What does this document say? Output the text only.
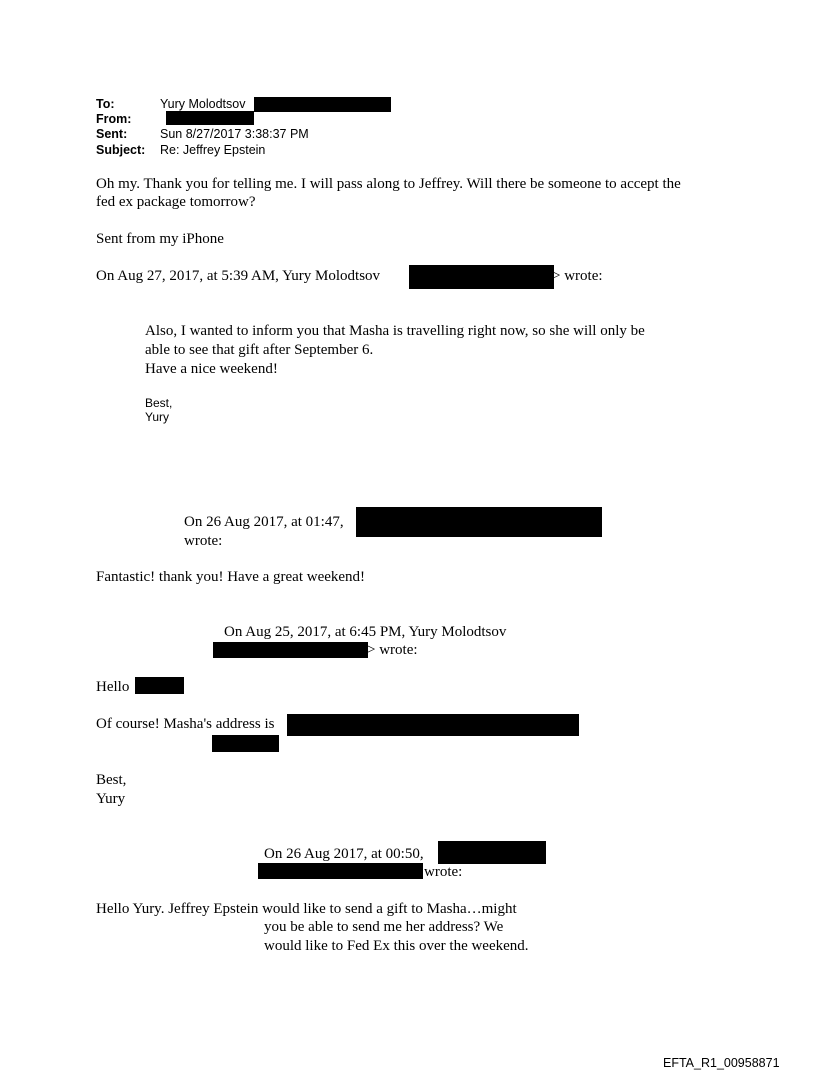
To:	Yury Molodtsov
From:
Sent:	Sun 8/27/2017 3:38:37 PM
Subject: Re: Jeffrey Epstein
Oh my. Thank you for telling me. I will pass along to Jeffrey. Will there be someone to accept the
fed ex package tomorrow?
Sent from my iPhone
On Aug 27, 2017, at 5:39 AM, Yury Molodtsov	> wrote:
Also, I wanted to inform you that Masha is travelling right now, so she will only be
able to see that gift after September 6.
Have a nice weekend!
Best,
Yury
On 26 Aug 2017, at 01:47,
wrote:
Fantastic! thank you! Have a great weekend!
On Aug 25, 2017, at 6:45 PM, Yury Molodtsov
> wrote:
Hello
Of course! Masha's address is
Best,
Yury
On 26 Aug 2017, at 00:50,
wrote:
Hello Yury. Jeffrey Epstein would like to send a gift to Masha…might
you be able to send me her address? We
would like to Fed Ex this over the weekend.
EFTA_R1_00958871
